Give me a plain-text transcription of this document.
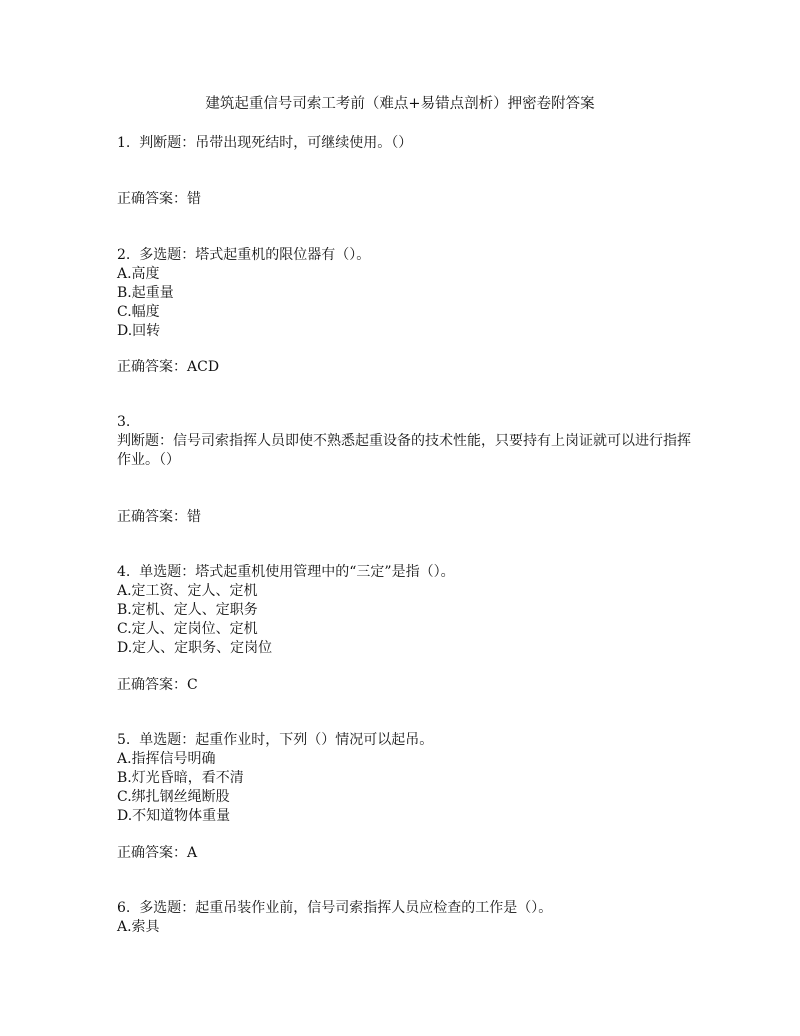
建筑起重信号司索工考前（难点+易错点剖析）押密卷附答案
1. 判断题：吊带出现死结时，可继续使用。（）
正确答案：错
2. 多选题：塔式起重机的限位器有（）。
A.高度
B.起重量
C.幅度
D.回转
正确答案：ACD
3.
判断题：信号司索指挥人员即使不熟悉起重设备的技术性能，只要持有上岗证就可以进行指挥作业。（）
正确答案：错
4. 单选题：塔式起重机使用管理中的“三定”是指（）。
A.定工资、定人、定机
B.定机、定人、定职务
C.定人、定岗位、定机
D.定人、定职务、定岗位
正确答案：C
5. 单选题：起重作业时，下列（）情况可以起吊。
A.指挥信号明确
B.灯光昏暗，看不清
C.绑扎钢丝绳断股
D.不知道物体重量
正确答案：A
6. 多选题：起重吊装作业前，信号司索指挥人员应检查的工作是（）。
A.索具
